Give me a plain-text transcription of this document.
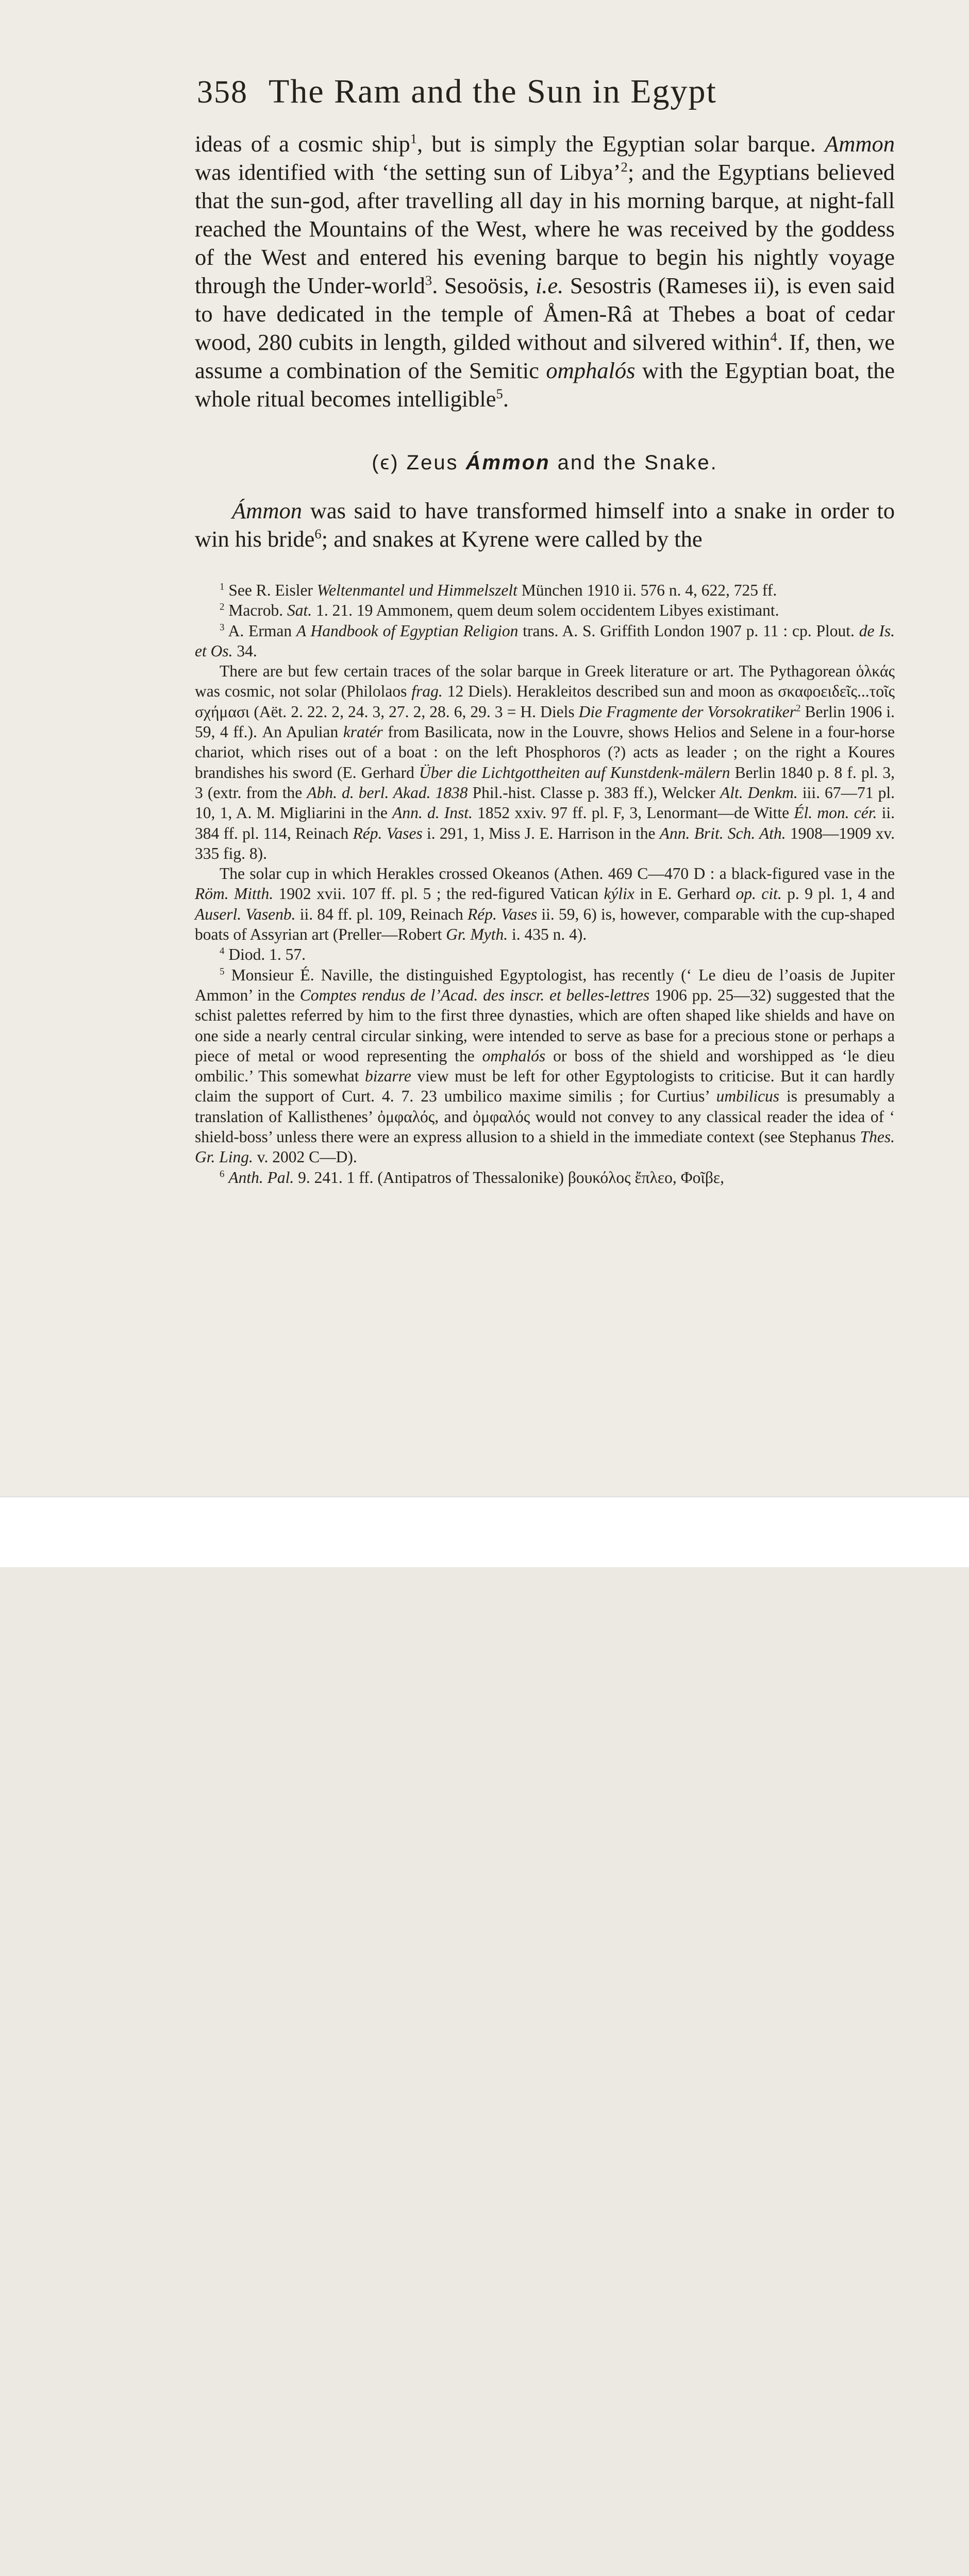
358 The Ram and the Sun in Egypt

ideas of a cosmic ship$^1$, but is simply the Egyptian solar barque. Ammon was identified with ‘the setting sun of Libya’$^2$; and the Egyptians believed that the sun-god, after travelling all day in his morning barque, at night-fall reached the Mountains of the West, where he was received by the goddess of the West and entered his evening barque to begin his nightly voyage through the Under-world$^3$. Sesoösis, i.e. Sesostris (Rameses ii), is even said to have dedicated in the temple of Åmen-Râ at Thebes a boat of cedar wood, 280 cubits in length, gilded without and silvered within$^4$. If, then, we assume a combination of the Semitic omphalós with the Egyptian boat, the whole ritual becomes intelligible$^5$.

(ϵ) Zeus Ámmon and the Snake.

Ámmon was said to have transformed himself into a snake in order to win his bride$^6$; and snakes at Kyrene were called by the

$^1$ See R. Eisler Weltenmantel und Himmelszelt München 1910 ii. 576 n. 4, 622, 725 ff.

$^2$ Macrob. Sat. 1. 21. 19 Ammonem, quem deum solem occidentem Libyes existimant.

$^3$ A. Erman A Handbook of Egyptian Religion trans. A. S. Griffith London 1907 p. 11 : cp. Plout. de Is. et Os. 34.

There are but few certain traces of the solar barque in Greek literature or art. The Pythagorean ὁλκάς was cosmic, not solar (Philolaos frag. 12 Diels). Herakleitos described sun and moon as σκαφοειδεῖς...τοῖς σχήμασι (Aët. 2. 22. 2, 24. 3, 27. 2, 28. 6, 29. 3 = H. Diels Die Fragmente der Vorsokratiker$^2$ Berlin 1906 i. 59, 4 ff.). An Apulian kratér from Basilicata, now in the Louvre, shows Helios and Selene in a four-horse chariot, which rises out of a boat : on the left Phosphoros (?) acts as leader ; on the right a Koures brandishes his sword (E. Gerhard Über die Lichtgottheiten auf Kunstdenk-mälern Berlin 1840 p. 8 f. pl. 3, 3 (extr. from the Abh. d. berl. Akad. 1838 Phil.-hist. Classe p. 383 ff.), Welcker Alt. Denkm. iii. 67—71 pl. 10, 1, A. M. Migliarini in the Ann. d. Inst. 1852 xxiv. 97 ff. pl. F, 3, Lenormant—de Witte Él. mon. cér. ii. 384 ff. pl. 114, Reinach Rép. Vases i. 291, 1, Miss J. E. Harrison in the Ann. Brit. Sch. Ath. 1908—1909 xv. 335 fig. 8).

The solar cup in which Herakles crossed Okeanos (Athen. 469 C—470 D : a black-figured vase in the Röm. Mitth. 1902 xvii. 107 ff. pl. 5 ; the red-figured Vatican kýlix in E. Gerhard op. cit. p. 9 pl. 1, 4 and Auserl. Vasenb. ii. 84 ff. pl. 109, Reinach Rép. Vases ii. 59, 6) is, however, comparable with the cup-shaped boats of Assyrian art (Preller—Robert Gr. Myth. i. 435 n. 4).

$^4$ Diod. 1. 57.

$^5$ Monsieur É. Naville, the distinguished Egyptologist, has recently (‘ Le dieu de l’oasis de Jupiter Ammon’ in the Comptes rendus de l’Acad. des inscr. et belles-lettres 1906 pp. 25—32) suggested that the schist palettes referred by him to the first three dynasties, which are often shaped like shields and have on one side a nearly central circular sinking, were intended to serve as base for a precious stone or perhaps a piece of metal or wood representing the omphalós or boss of the shield and worshipped as ‘le dieu ombilic.’ This somewhat bizarre view must be left for other Egyptologists to criticise. But it can hardly claim the support of Curt. 4. 7. 23 umbilico maxime similis ; for Curtius’ umbilicus is presumably a translation of Kallisthenes’ ὀμφαλός, and ὀμφαλός would not convey to any classical reader the idea of ‘ shield-boss’ unless there were an express allusion to a shield in the immediate context (see Stephanus Thes. Gr. Ling. v. 2002 C—D).

$^6$ Anth. Pal. 9. 241. 1 ff. (Antipatros of Thessalonike) βουκόλος ἔπλεο, Φοῖβε,
